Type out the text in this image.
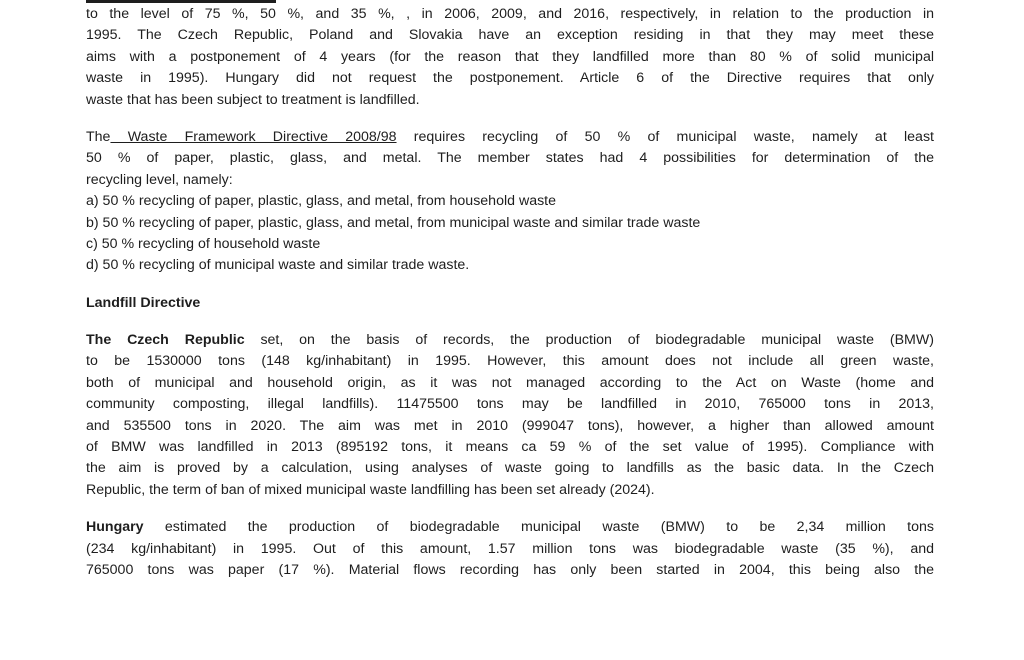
to the level of 75 %, 50 %, and 35 %, , in 2006, 2009, and 2016, respectively, in relation to the production in
1995. The Czech Republic, Poland and Slovakia have an exception residing in that they may meet these
aims with a postponement of 4 years (for the reason that they landfilled more than 80 % of solid municipal
waste in 1995). Hungary did not request the postponement. Article 6 of the Directive requires that only
waste that has been subject to treatment is landfilled.
The Waste Framework Directive 2008/98 requires recycling of 50 % of municipal waste, namely at least
50 % of paper, plastic, glass, and metal. The member states had 4 possibilities for determination of the
recycling level, namely:
a) 50 % recycling of paper, plastic, glass, and metal, from household waste
b) 50 % recycling of paper, plastic, glass, and metal, from municipal waste and similar trade waste
c) 50 % recycling of household waste
d) 50 % recycling of municipal waste and similar trade waste.
Landfill Directive
The Czech Republic set, on the basis of records, the production of biodegradable municipal waste (BMW)
to be 1530000 tons (148 kg/inhabitant) in 1995. However, this amount does not include all green waste,
both of municipal and household origin, as it was not managed according to the Act on Waste (home and
community composting, illegal landfills). 11475500 tons may be landfilled in 2010, 765000 tons in 2013,
and 535500 tons in 2020. The aim was met in 2010 (999047 tons), however, a higher than allowed amount
of BMW was landfilled in 2013 (895192 tons, it means ca 59 % of the set value of 1995). Compliance with
the aim is proved by a calculation, using analyses of waste going to landfills as the basic data. In the Czech
Republic, the term of ban of mixed municipal waste landfilling has been set already (2024).
Hungary estimated the production of biodegradable municipal waste (BMW) to be 2,34 million tons
(234 kg/inhabitant) in 1995. Out of this amount, 1.57 million tons was biodegradable waste (35 %), and
765000 tons was paper (17 %). Material flows recording has only been started in 2004, this being also the
